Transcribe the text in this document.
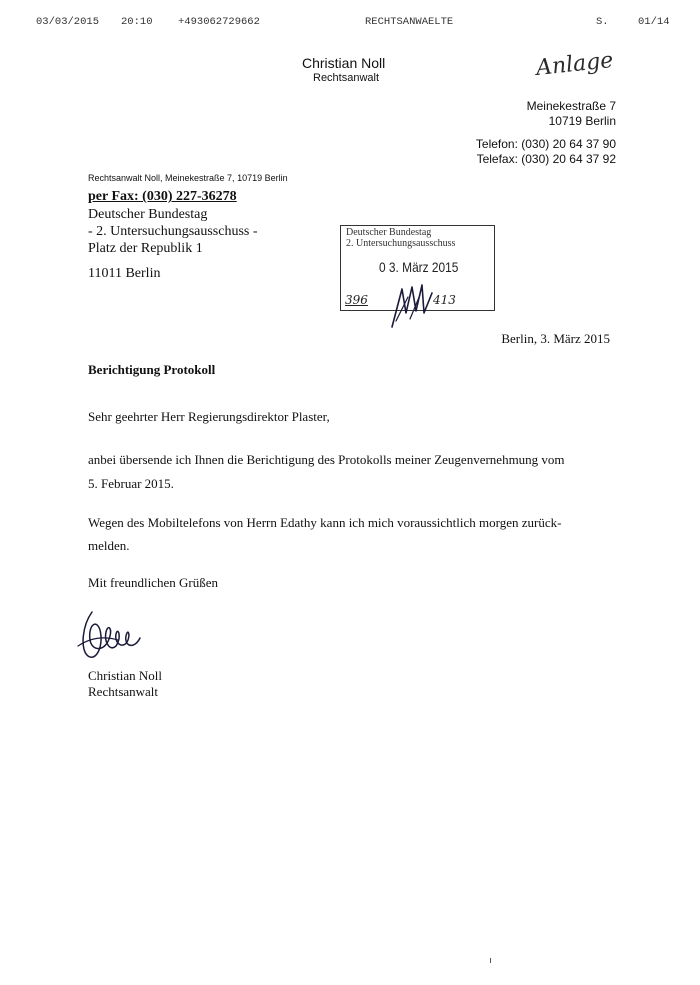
03/03/2015 20:10 +493062729662	RECHTSANWAELTE	S.	01/14
Christian Noll
Rechtsanwalt	Anlage
Meinekestraße 7
10719 Berlin
Telefon: (030) 20 64 37 90
Telefax: (030) 20 64 37 92
Rechtsanwalt Noll, Meinekestraße 7, 10719 Berlin
per Fax: (030) 227-36278
Deutscher Bundestag
- 2. Untersuchungsausschuss -
Platz der Republik 1
11011 Berlin
Deutscher Bundestag
2. Untersuchungsausschuss
0 3. März 2015
396	413
Berlin, 3. März 2015
Berichtigung Protokoll
Sehr geehrter Herr Regierungsdirektor Plaster,
anbei übersende ich Ihnen die Berichtigung des Protokolls meiner Zeugenvernehmung vom
5. Februar 2015.
Wegen des Mobiltelefons von Herrn Edathy kann ich mich voraussichtlich morgen zurück-
melden.
Mit freundlichen Grüßen
Christian Noll
Rechtsanwalt
